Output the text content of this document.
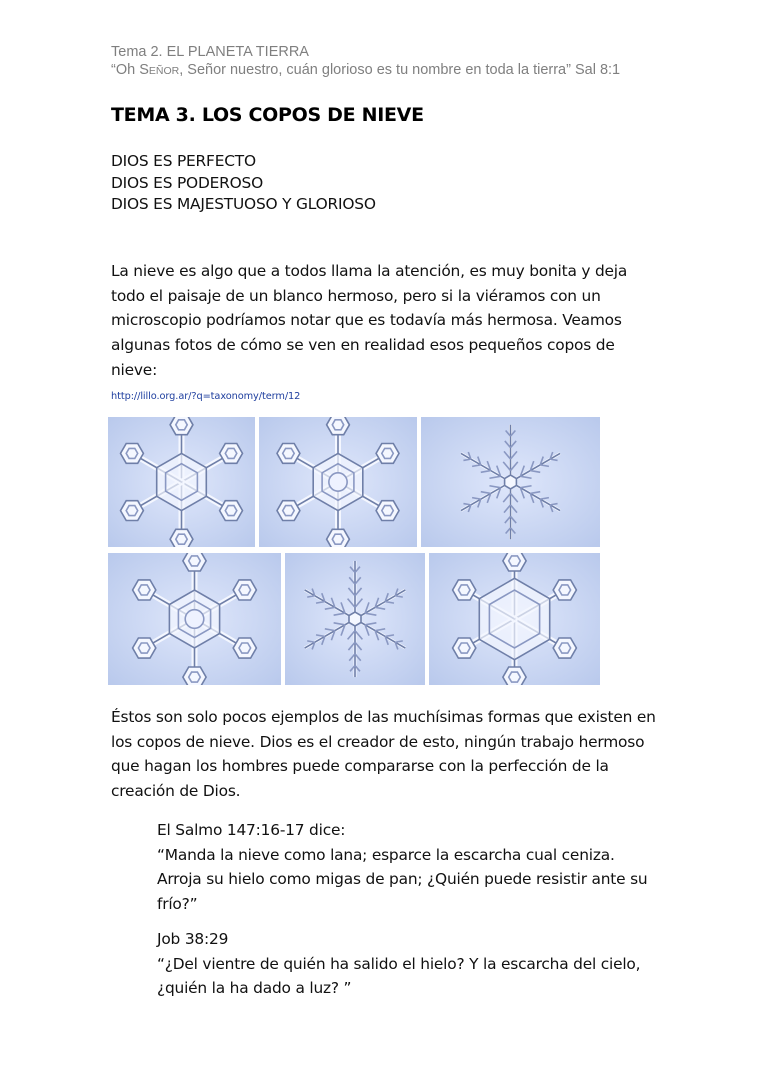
Tema 2. EL PLANETA TIERRA
“Oh SEÑOR, Señor nuestro, cuán glorioso es tu nombre en toda la tierra” Sal 8:1
TEMA 3. LOS COPOS DE NIEVE
DIOS ES PERFECTO
DIOS ES PODEROSO
DIOS ES MAJESTUOSO Y GLORIOSO
La nieve es algo que a todos llama la atención, es muy bonita y deja
todo el paisaje de un blanco hermoso, pero si la viéramos con un
microscopio podríamos notar que es todavía más hermosa. Veamos
algunas fotos de cómo se ven en realidad esos pequeños copos de
nieve:
http://lillo.org.ar/?q=taxonomy/term/12
Éstos son solo pocos ejemplos de las muchísimas formas que existen en
los copos de nieve. Dios es el creador de esto, ningún trabajo hermoso
que hagan los hombres puede compararse con la perfección de la
creación de Dios.
El Salmo 147:16-17 dice:
“Manda la nieve como lana; esparce la escarcha cual ceniza.
Arroja su hielo como migas de pan; ¿Quién puede resistir ante su
frío?”
Job 38:29
“¿Del vientre de quién ha salido el hielo? Y la escarcha del cielo,
¿quién la ha dado a luz? ”
